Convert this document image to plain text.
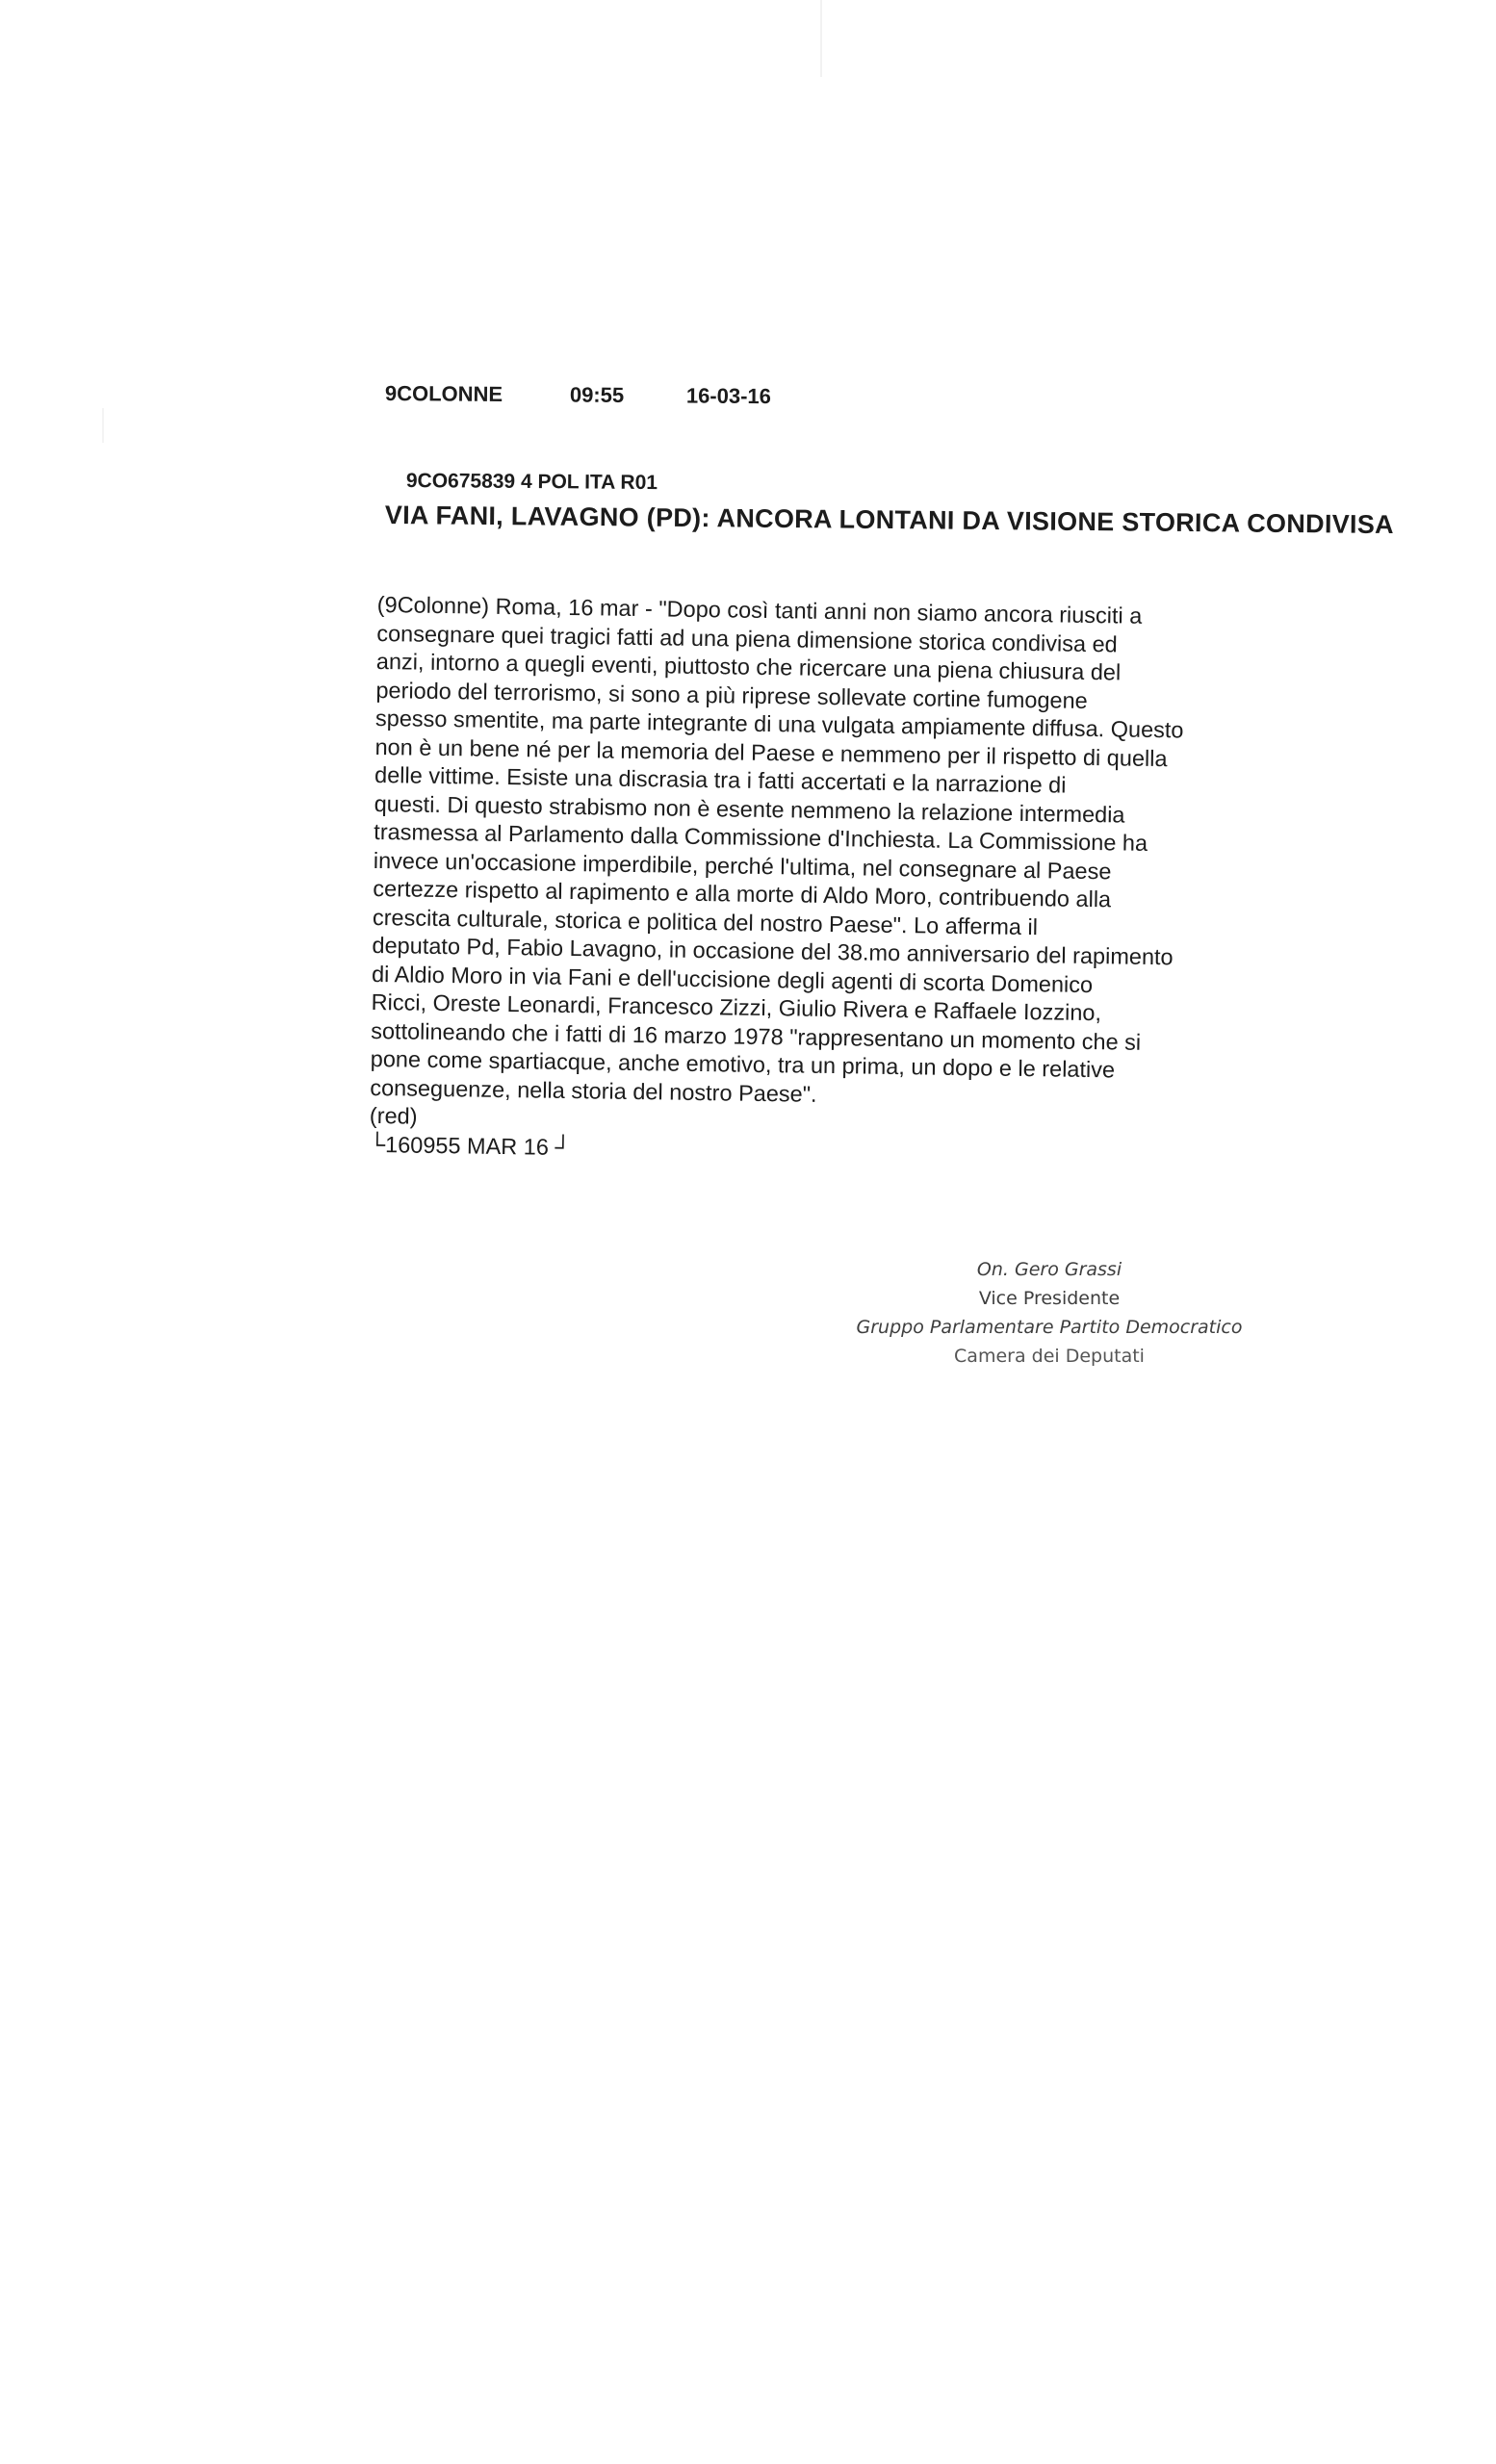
9COLONNE	09:55	16-03-16
9CO675839 4 POL ITA R01
VIA FANI, LAVAGNO (PD): ANCORA LONTANI DA VISIONE STORICA CONDIVISA
(9Colonne) Roma, 16 mar - "Dopo così tanti anni non siamo ancora riusciti a
consegnare quei tragici fatti ad una piena dimensione storica condivisa ed
anzi, intorno a quegli eventi, piuttosto che ricercare una piena chiusura del
periodo del terrorismo, si sono a più riprese sollevate cortine fumogene
spesso smentite, ma parte integrante di una vulgata ampiamente diffusa. Questo
non è un bene né per la memoria del Paese e nemmeno per il rispetto di quella
delle vittime. Esiste una discrasia tra i fatti accertati e la narrazione di
questi. Di questo strabismo non è esente nemmeno la relazione intermedia
trasmessa al Parlamento dalla Commissione d'Inchiesta. La Commissione ha
invece un'occasione imperdibile, perché l'ultima, nel consegnare al Paese
certezze rispetto al rapimento e alla morte di Aldo Moro, contribuendo alla
crescita culturale, storica e politica del nostro Paese". Lo afferma il
deputato Pd, Fabio Lavagno, in occasione del 38.mo anniversario del rapimento
di Aldio Moro in via Fani e dell'uccisione degli agenti di scorta Domenico
Ricci, Oreste Leonardi, Francesco Zizzi, Giulio Rivera e Raffaele Iozzino,
sottolineando che i fatti di 16 marzo 1978 "rappresentano un momento che si
pone come spartiacque, anche emotivo, tra un prima, un dopo e le relative
conseguenze, nella storia del nostro Paese".
(red)
└160955 MAR 16 ┘
On. Gero Grassi
Vice Presidente
Gruppo Parlamentare Partito Democratico
Camera dei Deputati
